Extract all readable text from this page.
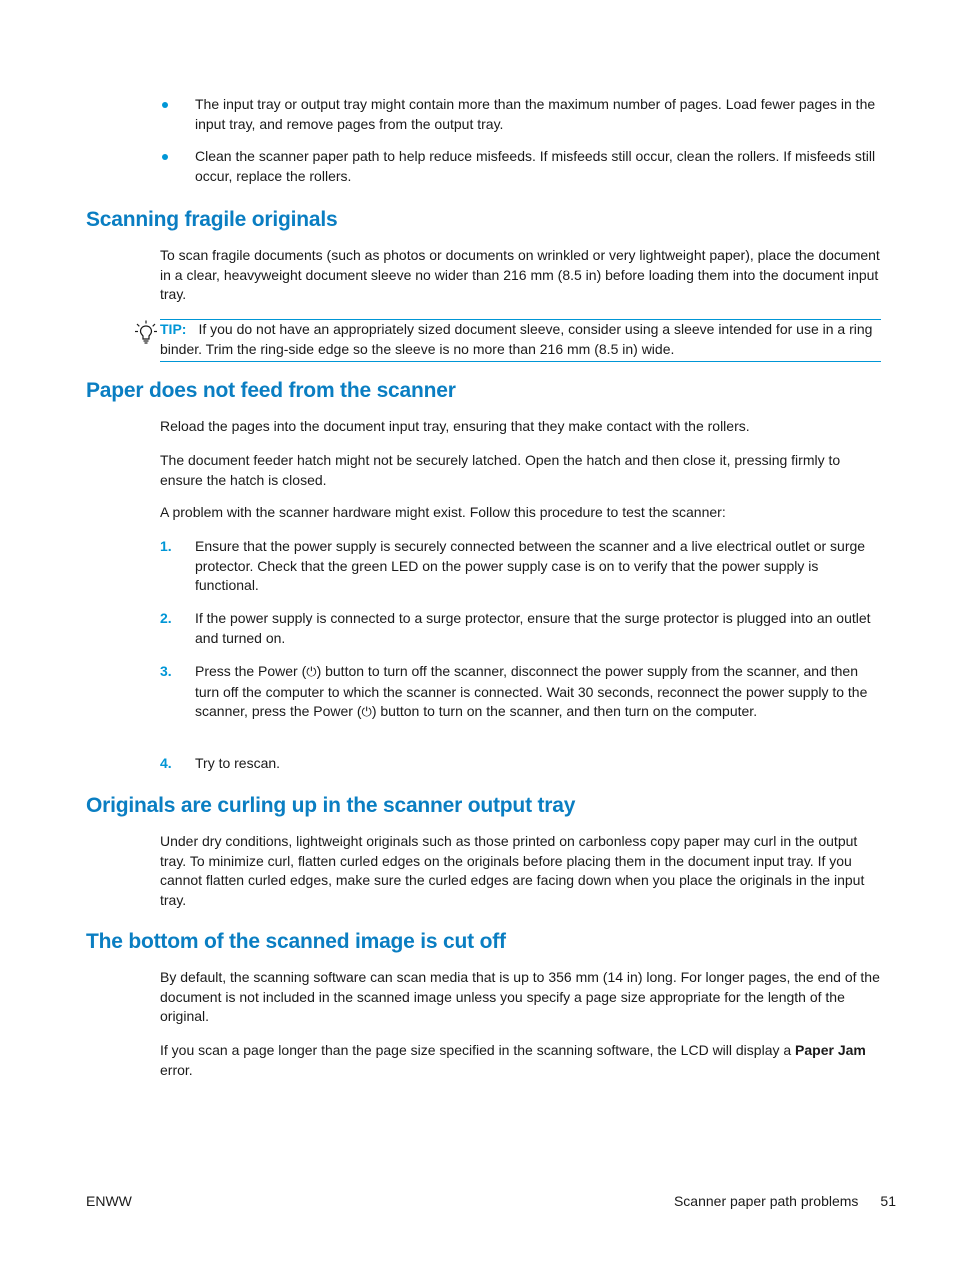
The input tray or output tray might contain more than the maximum number of pages. Load fewer pages in the input tray, and remove pages from the output tray.
Clean the scanner paper path to help reduce misfeeds. If misfeeds still occur, clean the rollers. If misfeeds still occur, replace the rollers.
Scanning fragile originals

To scan fragile documents (such as photos or documents on wrinkled or very lightweight paper), place the document in a clear, heavyweight document sleeve no wider than 216 mm (8.5 in) before loading them into the document input tray.

TIP: If you do not have an appropriately sized document sleeve, consider using a sleeve intended for use in a ring binder. Trim the ring-side edge so the sleeve is no more than 216 mm (8.5 in) wide.
Paper does not feed from the scanner

Reload the pages into the document input tray, ensuring that they make contact with the rollers.

The document feeder hatch might not be securely latched. Open the hatch and then close it, pressing firmly to ensure the hatch is closed.

A problem with the scanner hardware might exist. Follow this procedure to test the scanner:

1. Ensure that the power supply is securely connected between the scanner and a live electrical outlet or surge protector. Check that the green LED on the power supply case is on to verify that the power supply is functional.
2. If the power supply is connected to a surge protector, ensure that the surge protector is plugged into an outlet and turned on.
3. Press the Power (⏻) button to turn off the scanner, disconnect the power supply from the scanner, and then turn off the computer to which the scanner is connected. Wait 30 seconds, reconnect the power supply to the scanner, press the Power (⏻) button to turn on the scanner, and then turn on the computer.
4. Try to rescan.
Originals are curling up in the scanner output tray

Under dry conditions, lightweight originals such as those printed on carbonless copy paper may curl in the output tray. To minimize curl, flatten curled edges on the originals before placing them in the document input tray. If you cannot flatten curled edges, make sure the curled edges are facing down when you place the originals in the input tray.

The bottom of the scanned image is cut off

By default, the scanning software can scan media that is up to 356 mm (14 in) long. For longer pages, the end of the document is not included in the scanned image unless you specify a page size appropriate for the length of the original.

If you scan a page longer than the page size specified in the scanning software, the LCD will display a Paper Jam error.

ENWW	Scanner paper path problems 51
